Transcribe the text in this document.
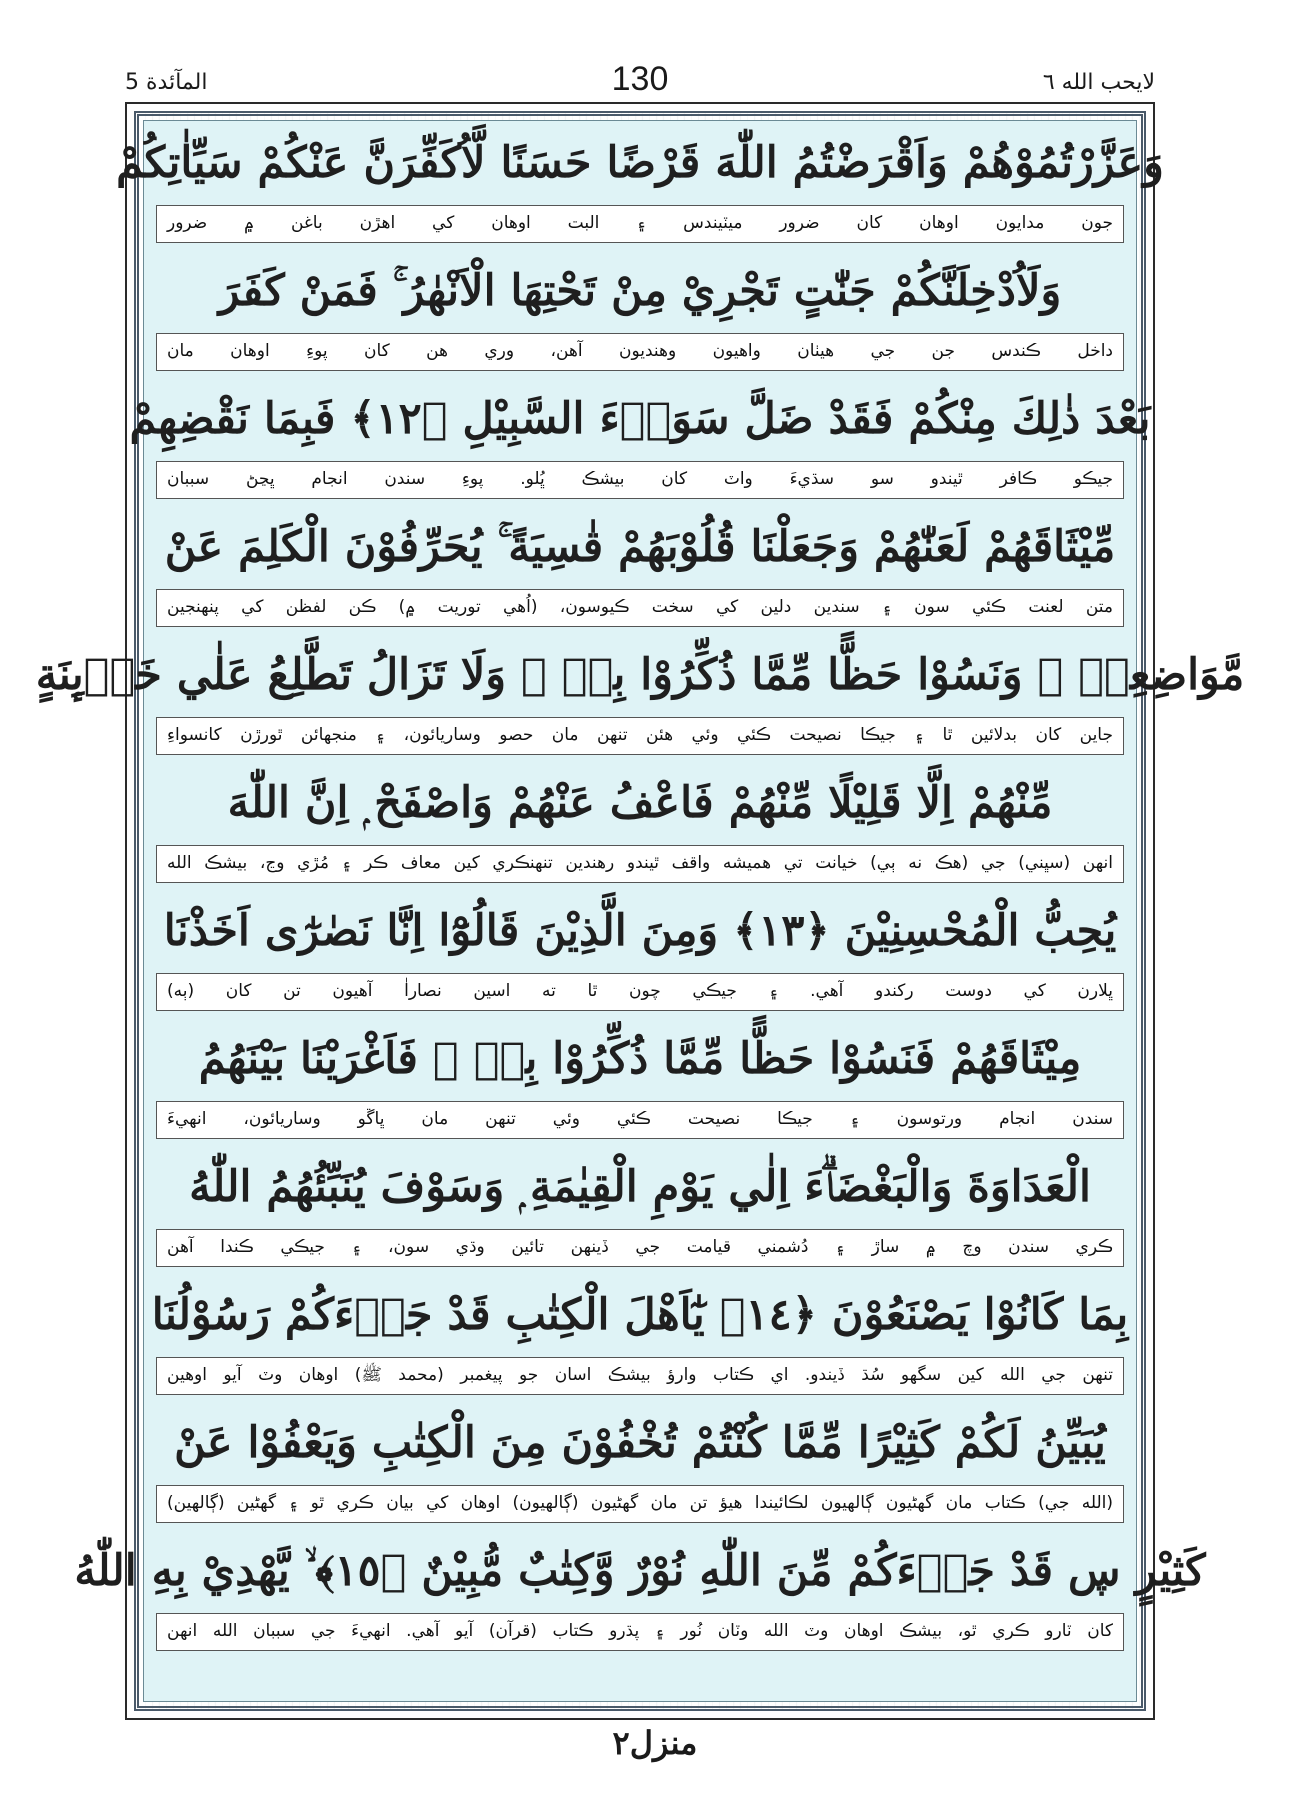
المآئدة 5	130	لايحب الله ٦
وَعَزَّرْتُمُوْهُمْ وَاَقْرَضْتُمُ اللّٰهَ قَرْضًا حَسَنًا لَّاُكَفِّرَنَّ عَنْكُمْ سَيِّاٰتِكُمْ
جون مدايون اوهان کان ضرور ميٽيندس ۽ البت اوهان کي اهڙن باغن ۾ ضرور
وَلَاُدْخِلَنَّكُمْ جَنّٰتٍ تَجْرِيْ مِنْ تَحْتِهَا الْاَنْهٰرُ ۚ فَمَنْ كَفَرَ
داخل ڪندس جن جي هيٺان واهيون وهنديون آهن، وري هن کان پوءِ اوهان مان
بَعْدَ ذٰلِكَ مِنْكُمْ فَقَدْ ضَلَّ سَوَاۗءَ السَّبِيْلِ ﴿١٢﴾ فَبِمَا نَقْضِهِمْ
جيڪو ڪافر ٿيندو سو سڌيءَ واٽ کان بيشڪ ڀُلو. پوءِ سندن انجام ڀڃڻ سببان
مِّيْثَاقَهُمْ لَعَنّٰهُمْ وَجَعَلْنَا قُلُوْبَهُمْ قٰسِيَةً ۚ يُحَرِّفُوْنَ الْكَلِمَ عَنْ
متن لعنت ڪئي سون ۽ سندين دلين کي سخت ڪيوسون، (اُهي توريت ۾) ڪن لفظن کي پنهنجين
مَّوَاضِعِهٖ ۙ وَنَسُوْا حَظًّا مِّمَّا ذُكِّرُوْا بِهٖ ۚ وَلَا تَزَالُ تَطَّلِعُ عَلٰي خَاۗىِٕنَةٍ
جاين کان بدلائين ٿا ۽ جيڪا نصيحت ڪئي وئي هئن تنهن مان حصو وساريائون، ۽ منجهائن ٿورڙن کانسواءِ
مِّنْهُمْ اِلَّا قَلِيْلًا مِّنْهُمْ فَاعْفُ عَنْهُمْ وَاصْفَحْ ۭ اِنَّ اللّٰهَ
انهن (سڀني) جي (هڪ نه ٻي) خيانت تي هميشه واقف ٿيندو رهندين تنهنڪري کين معاف ڪر ۽ مُڙي وڃ، بيشڪ الله
يُحِبُّ الْمُحْسِنِيْنَ ﴿١٣﴾ وَمِنَ الَّذِيْنَ قَالُوْٓا اِنَّا نَصٰرٰٓى اَخَذْنَا
ڀلارن کي دوست رکندو آهي. ۽ جيڪي چون ٿا ته اسين نصاراٰ آهيون تن کان (ٻه)
مِيْثَاقَهُمْ فَنَسُوْا حَظًّا مِّمَّا ذُكِّرُوْا بِهٖ ۠ فَاَغْرَيْنَا بَيْنَهُمُ
سندن انجام ورتوسون ۽ جيڪا نصيحت ڪئي وئي تنهن مان ڀاڱو وساريائون، انهيءَ
الْعَدَاوَةَ وَالْبَغْضَاۗءَ اِلٰي يَوْمِ الْقِيٰمَةِ ۭ وَسَوْفَ يُنَبِّئُهُمُ اللّٰهُ
ڪري سندن وچ ۾ ساڙ ۽ دُشمني قيامت جي ڏينهن تائين وڌي سون، ۽ جيڪي ڪندا آهن
بِمَا كَانُوْا يَصْنَعُوْنَ ﴿١٤﴾ يٰٓاَهْلَ الْكِتٰبِ قَدْ جَاۗءَكُمْ رَسُوْلُنَا
تنهن جي الله کين سگهو سُڌ ڏيندو. اي ڪتاب وارؤ بيشڪ اسان جو پيغمبر (محمد ﷺ) اوهان وٽ آيو اوهين
يُبَيِّنُ لَكُمْ كَثِيْرًا مِّمَّا كُنْتُمْ تُخْفُوْنَ مِنَ الْكِتٰبِ وَيَعْفُوْا عَنْ
(الله جي) ڪتاب مان گهڻيون ڳالهيون لڪائيندا هيؤ تن مان گهڻيون (ڳالهيون) اوهان کي بيان ڪري ٿو ۽ گهڻين (ڳالهين)
كَثِيْرٍ ڛ قَدْ جَاۗءَكُمْ مِّنَ اللّٰهِ نُوْرٌ وَّكِتٰبٌ مُّبِيْنٌ ﴿١٥﴾ ۙ يَّهْدِيْ بِهِ اللّٰهُ
کان ٽارو ڪري ٿو، بيشڪ اوهان وٽ الله وٽان نُور ۽ پڌرو ڪتاب (قرآن) آيو آهي. انهيءَ جي سببان الله انهن
منزل٢
